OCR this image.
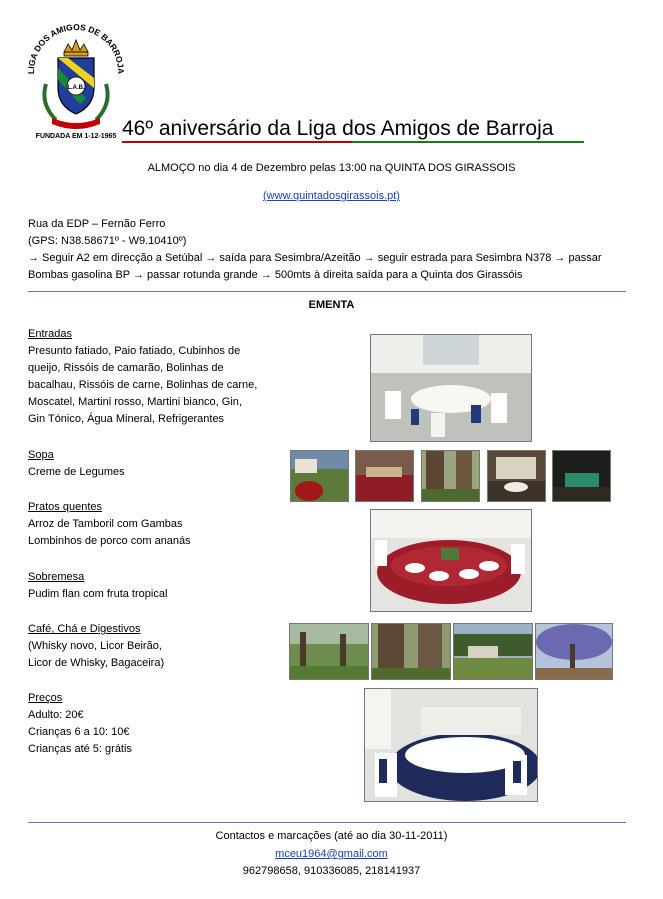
LIGA DOS AMIGOS DE BARROJA
L.A.B.
FUNDADA EM 1-12-1965 46º aniversário da Liga dos Amigos de Barroja
ALMOÇO no dia 4 de Dezembro pelas 13:00 na QUINTA DOS GIRASSOIS
(www.quintadosgirassois.pt)
Rua da EDP – Fernão Ferro
(GPS: N38.58671º - W9.10410º)
→ Seguir A2 em direcção a Setúbal → saída para Sesimbra/Azeitão → seguir estrada para Sesimbra N378 → passar
Bombas gasolina BP → passar rotunda grande → 500mts à direita saída para a Quinta dos Girassóis
EMENTA
Entradas
Presunto fatiado, Paio fatiado, Cubinhos de
queijo, Rissóis de camarão, Bolinhas de
bacalhau, Rissóis de carne, Bolinhas de carne,
Moscatel, Martini rosso, Martini bianco, Gin,
Gin Tónico, Água Mineral, Refrigerantes
Sopa
Creme de Legumes
Pratos quentes
Arroz de Tamboril com Gambas
Lombinhos de porco com ananás
Sobremesa
Pudim flan com fruta tropical
Café, Chá e Digestivos
(Whisky novo, Licor Beirão,
Licor de Whisky, Bagaceira)
Preços
Adulto: 20€
Crianças 6 a 10: 10€
Crianças até 5: grátis
Contactos e marcações (até ao dia 30-11-2011)
mceu1964@gmail.com
962798658, 910336085, 218141937
